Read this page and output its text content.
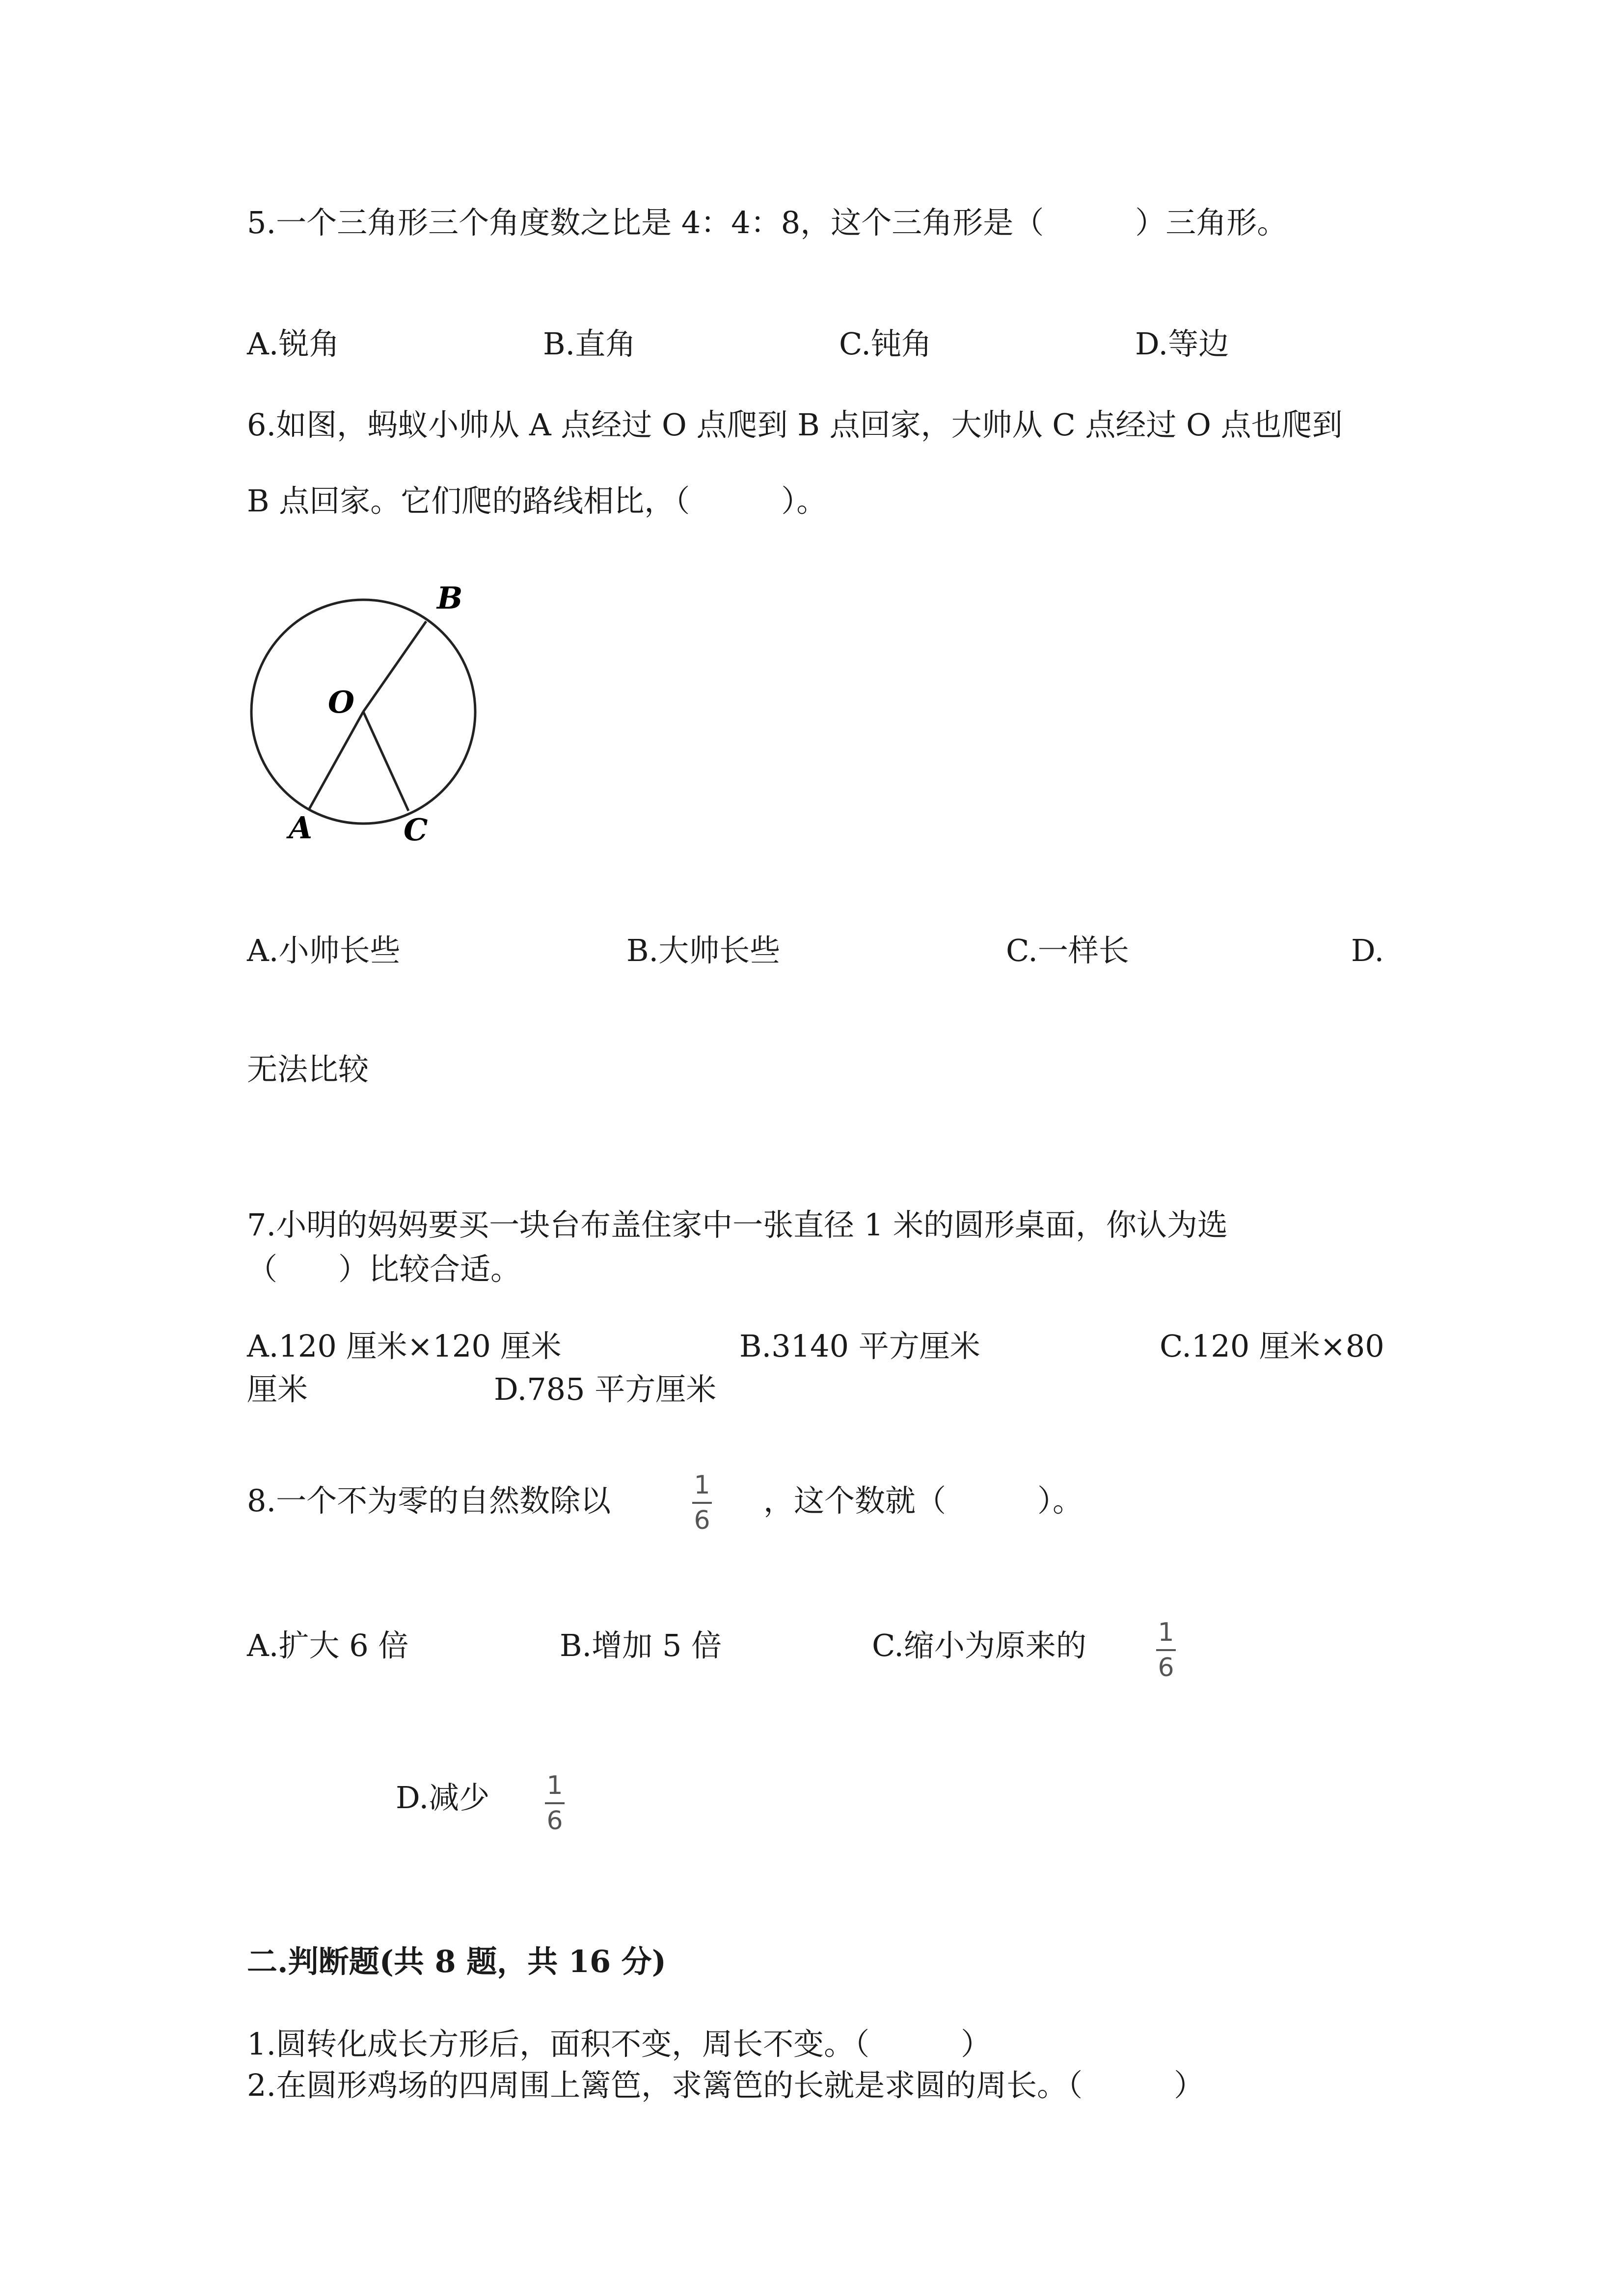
5.一个三角形三个角度数之比是 4：4：8，这个三角形是（　　　）三角形。
A.锐角	B.直角	C.钝角	D.等边
6.如图，蚂蚁小帅从 A 点经过 O 点爬到 B 点回家，大帅从 C 点经过 O 点也爬到
B 点回家。它们爬的路线相比，（　　　）。
B
O
A	C
A.小帅长些	B.大帅长些	C.一样长	D.
无法比较
7.小明的妈妈要买一块台布盖住家中一张直径 1 米的圆形桌面，你认为选
（　　）比较合适。
A.120 厘米×120 厘米	B.3140 平方厘米	C.120 厘米×80
厘米	D.785 平方厘米
8.一个不为零的自然数除以	1
6
，这个数就（　　　）。
A.扩大 6 倍	B.增加 5 倍	C.缩小为原来的	1
6
D.减少 1
6
二.判断题(共 8 题，共 16 分)
1.圆转化成长方形后，面积不变，周长不变。（　　　）
2.在圆形鸡场的四周围上篱笆，求篱笆的长就是求圆的周长。（　　　）
